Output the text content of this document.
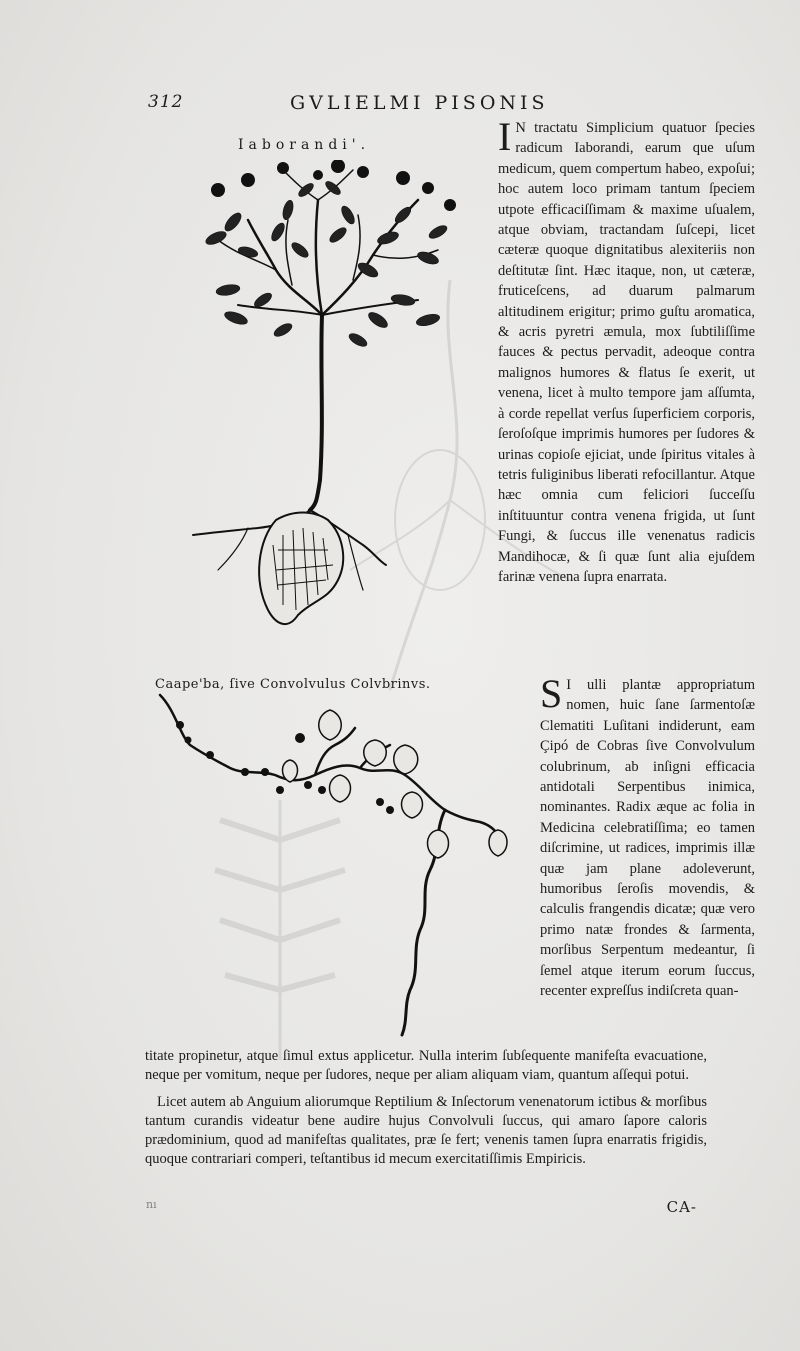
312	GVLIELMI PISONIS
Iaborandi'.	I N tractatu Simplicium quatuor ſpecies radicum Iaborandi, earum que uſum medicum, quem compertum habeo, expoſui; hoc autem loco primam tantum ſpeciem utpote efficaciſſimam & maxime uſualem, atque obviam, tractandam ſuſcepi, licet cæteræ quoque dignitatibus alexiteriis non deſtitutæ ſint. Hæc itaque, non, ut cæteræ, fruticeſcens, ad duarum palmarum altitudinem erigitur; primo guſtu aromatica, & acris pyretri æmula, mox ſubtiliſſime fauces & pectus pervadit, adeoque contra malignos humores & flatus ſe exerit, ut venena, licet à multo tempore jam aſſumta, à corde repellat verſus ſuperficiem corporis, ſeroſoſque imprimis humores per ſudores & urinas copioſe ejiciat, unde ſpiritus vitales à tetris fuliginibus liberati refocillantur. Atque hæc omnia cum feliciori ſucceſſu inſtituuntur contra venena frigida, ut ſunt Fungi, & ſuccus ille venenatus radicis Mandihocæ, & ſi quæ ſunt alia ejuſdem farinæ venena ſupra enarrata.

Caape'ba, ſive Convolvulus Colvbrinvs.	S I ulli plantæ appropriatum nomen, huic ſane ſarmentoſæ Clematiti Luſitani indiderunt, eam Çipó de Cobras ſive Convolvulum colubrinum, ab inſigni efficacia antidotali Serpentibus inimica, nominantes. Radix æque ac folia in Medicina celebratiſſima; eo tamen diſcrimine, ut radices, imprimis illæ quæ jam plane adoleverunt, humoribus ſeroſis movendis, & calculis frangendis dicatæ; quæ vero primo natæ frondes & ſarmenta, morſibus Serpentum medeantur, ſi ſemel atque iterum eorum ſuccus, recenter expreſſus indiſcreta quan-

titate propinetur, atque ſimul extus applicetur. Nulla interim ſubſequente manifeſta evacuatione, neque per vomitum, neque per ſudores, neque per aliam aliquam viam, quantum aſſequi potui.

Licet autem ab Anguium aliorumque Reptilium & Inſectorum venenatorum ictibus & morſibus tantum curandis videatur bene audire hujus Convolvuli ſuccus, qui amaro ſapore caloris prædominium, quod ad manifeſtas qualitates, præ ſe fert; venenis tamen ſupra enarratis frigidis, quoque contrariari comperi, teſtantibus id mecum exercitatiſſimis Empiricis.

nı	CA-
